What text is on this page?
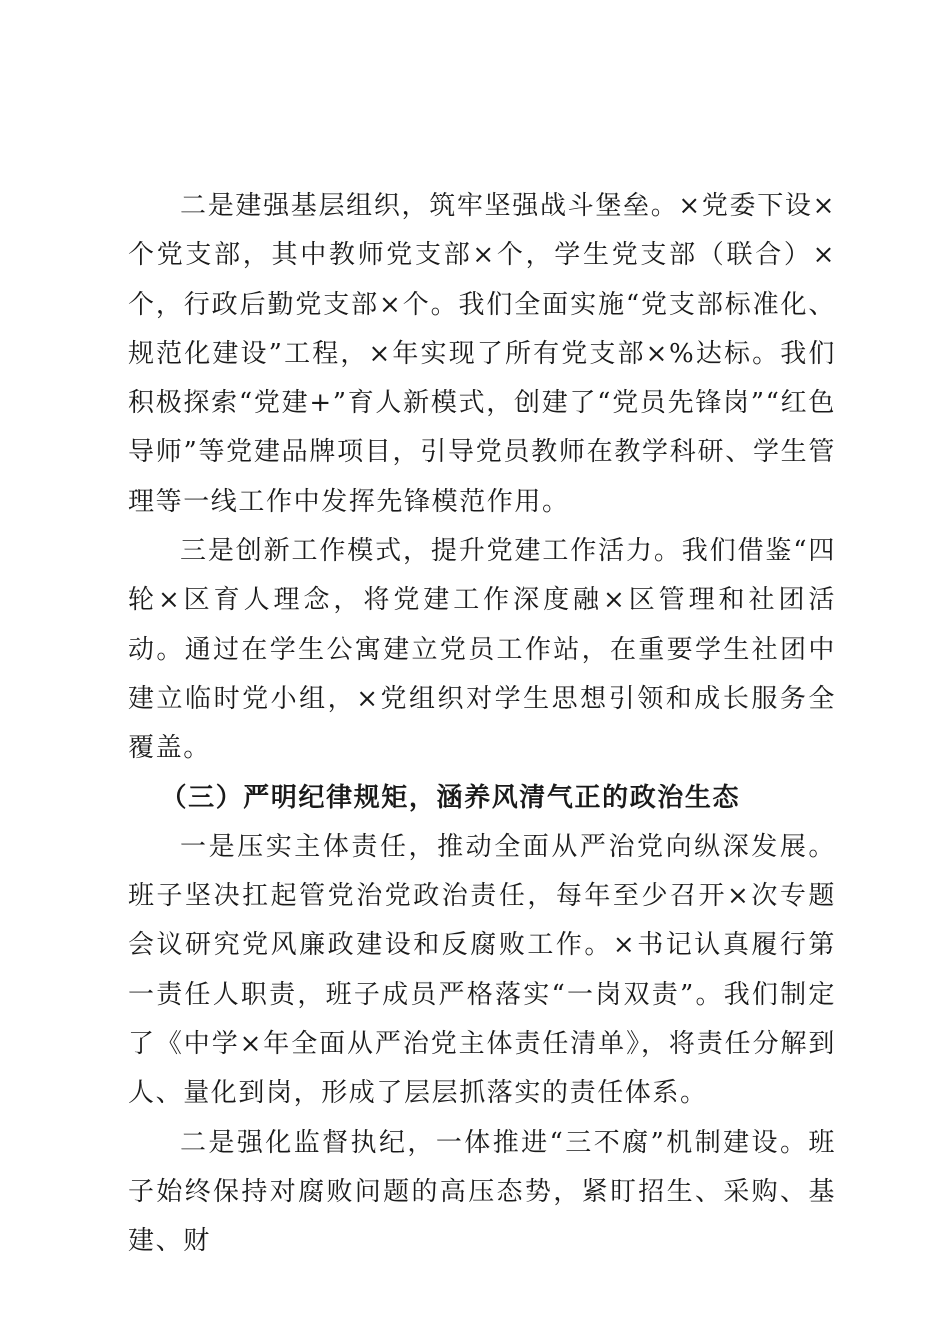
二是建强基层组织，筑牢坚强战斗堡垒。×党委下设×个党支部，其中教师党支部×个，学生党支部（联合）×个，行政后勤党支部×个。我们全面实施“党支部标准化、规范化建设”工程，×年实现了所有党支部×%达标。我们积极探索“党建+”育人新模式，创建了“党员先锋岗”“红色导师”等党建品牌项目，引导党员教师在教学科研、学生管理等一线工作中发挥先锋模范作用。

三是创新工作模式，提升党建工作活力。我们借鉴“四轮×区育人理念，将党建工作深度融×区管理和社团活动。通过在学生公寓建立党员工作站，在重要学生社团中建立临时党小组，×党组织对学生思想引领和成长服务全覆盖。

（三）严明纪律规矩，涵养风清气正的政治生态

一是压实主体责任，推动全面从严治党向纵深发展。班子坚决扛起管党治党政治责任，每年至少召开×次专题会议研究党风廉政建设和反腐败工作。×书记认真履行第一责任人职责，班子成员严格落实“一岗双责”。我们制定了《中学×年全面从严治党主体责任清单》，将责任分解到人、量化到岗，形成了层层抓落实的责任体系。

二是强化监督执纪，一体推进“三不腐”机制建设。班子始终保持对腐败问题的高压态势，紧盯招生、采购、基建、财
